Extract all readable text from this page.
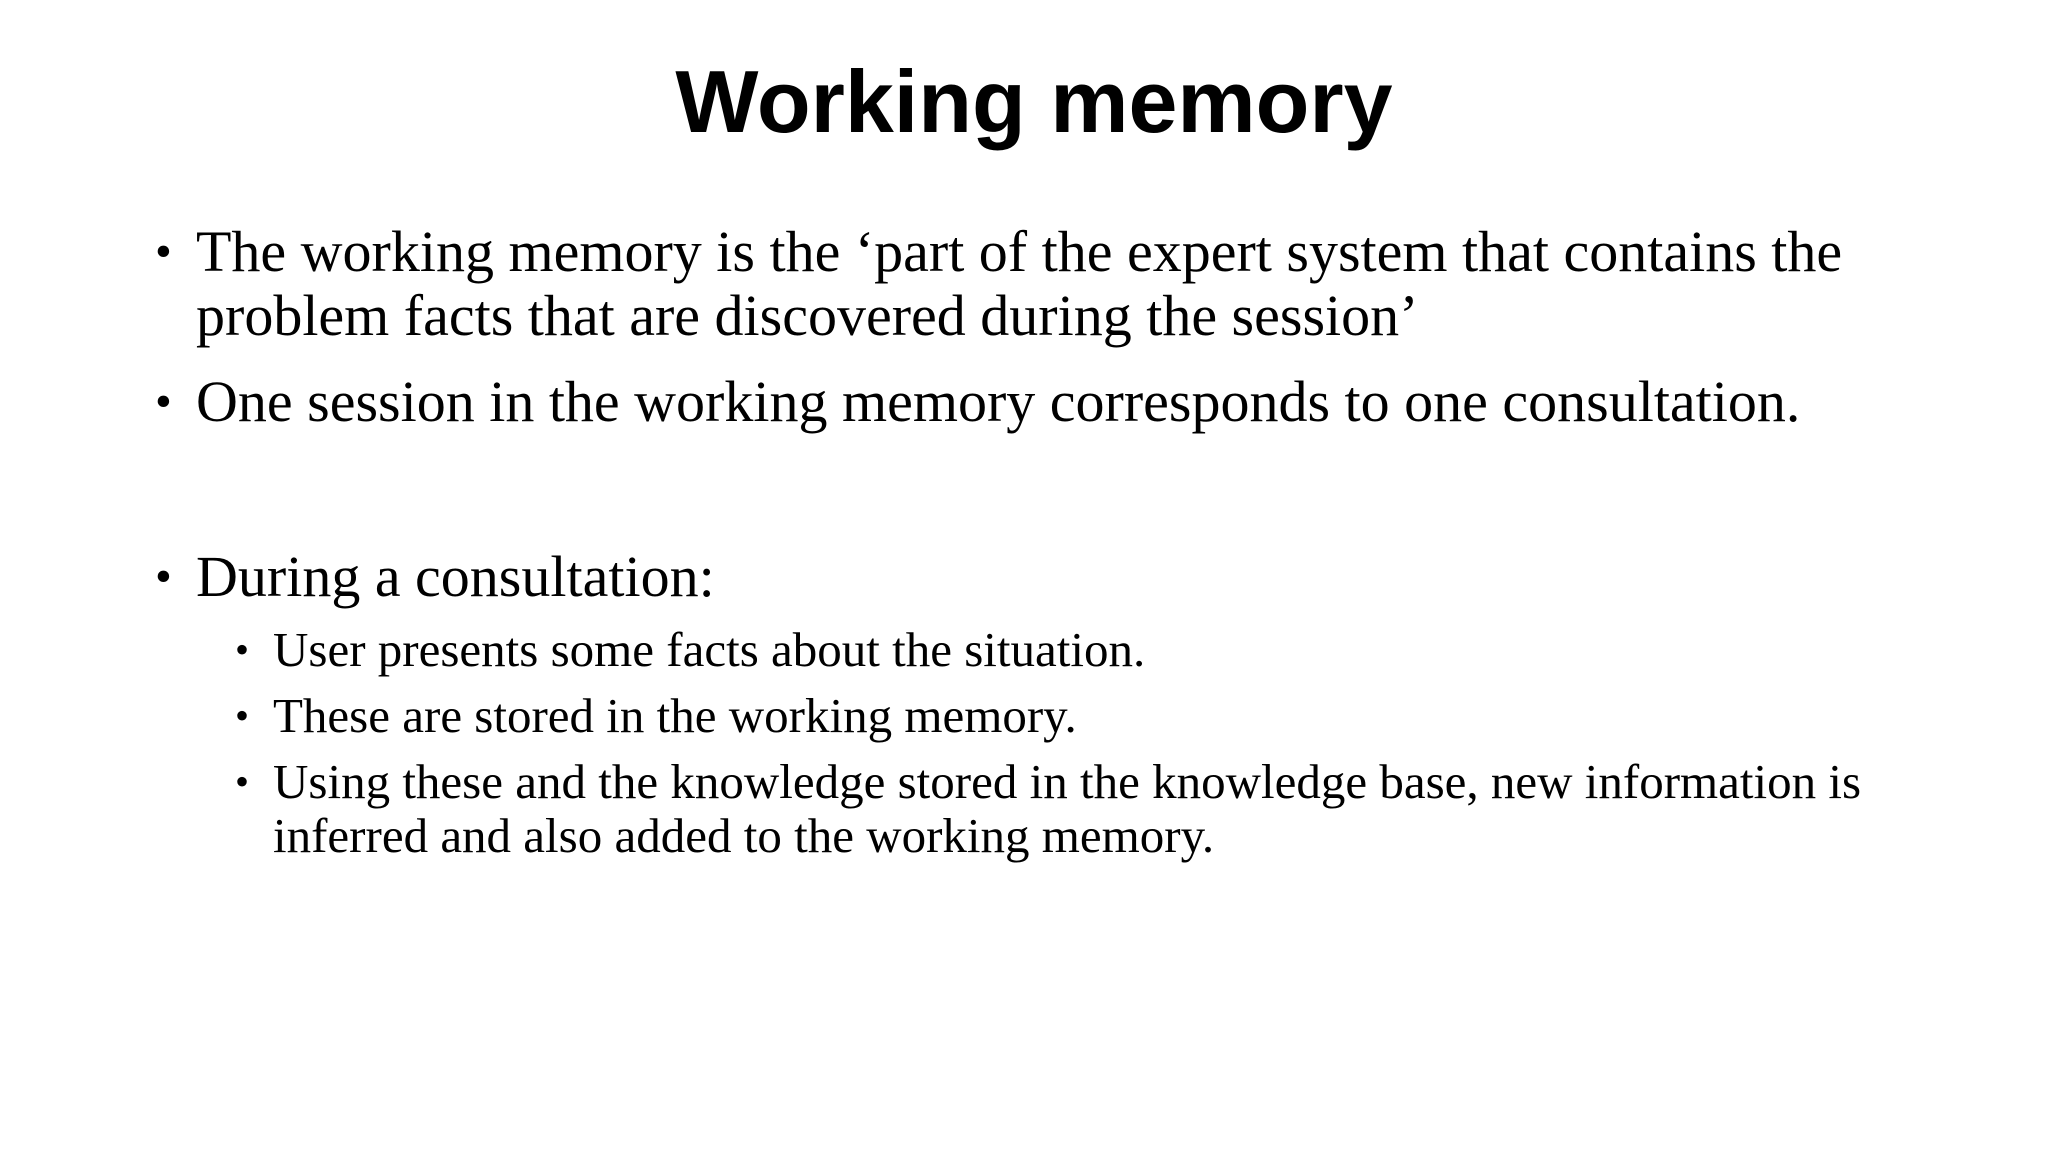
Working memory
• The working memory is the ‘part of the expert system that contains the problem facts that are discovered during the session’
• One session in the working memory corresponds to one consultation.
• During a consultation:
• User presents some facts about the situation.
• These are stored in the working memory.
• Using these and the knowledge stored in the knowledge base, new information is inferred and also added to the working memory.
